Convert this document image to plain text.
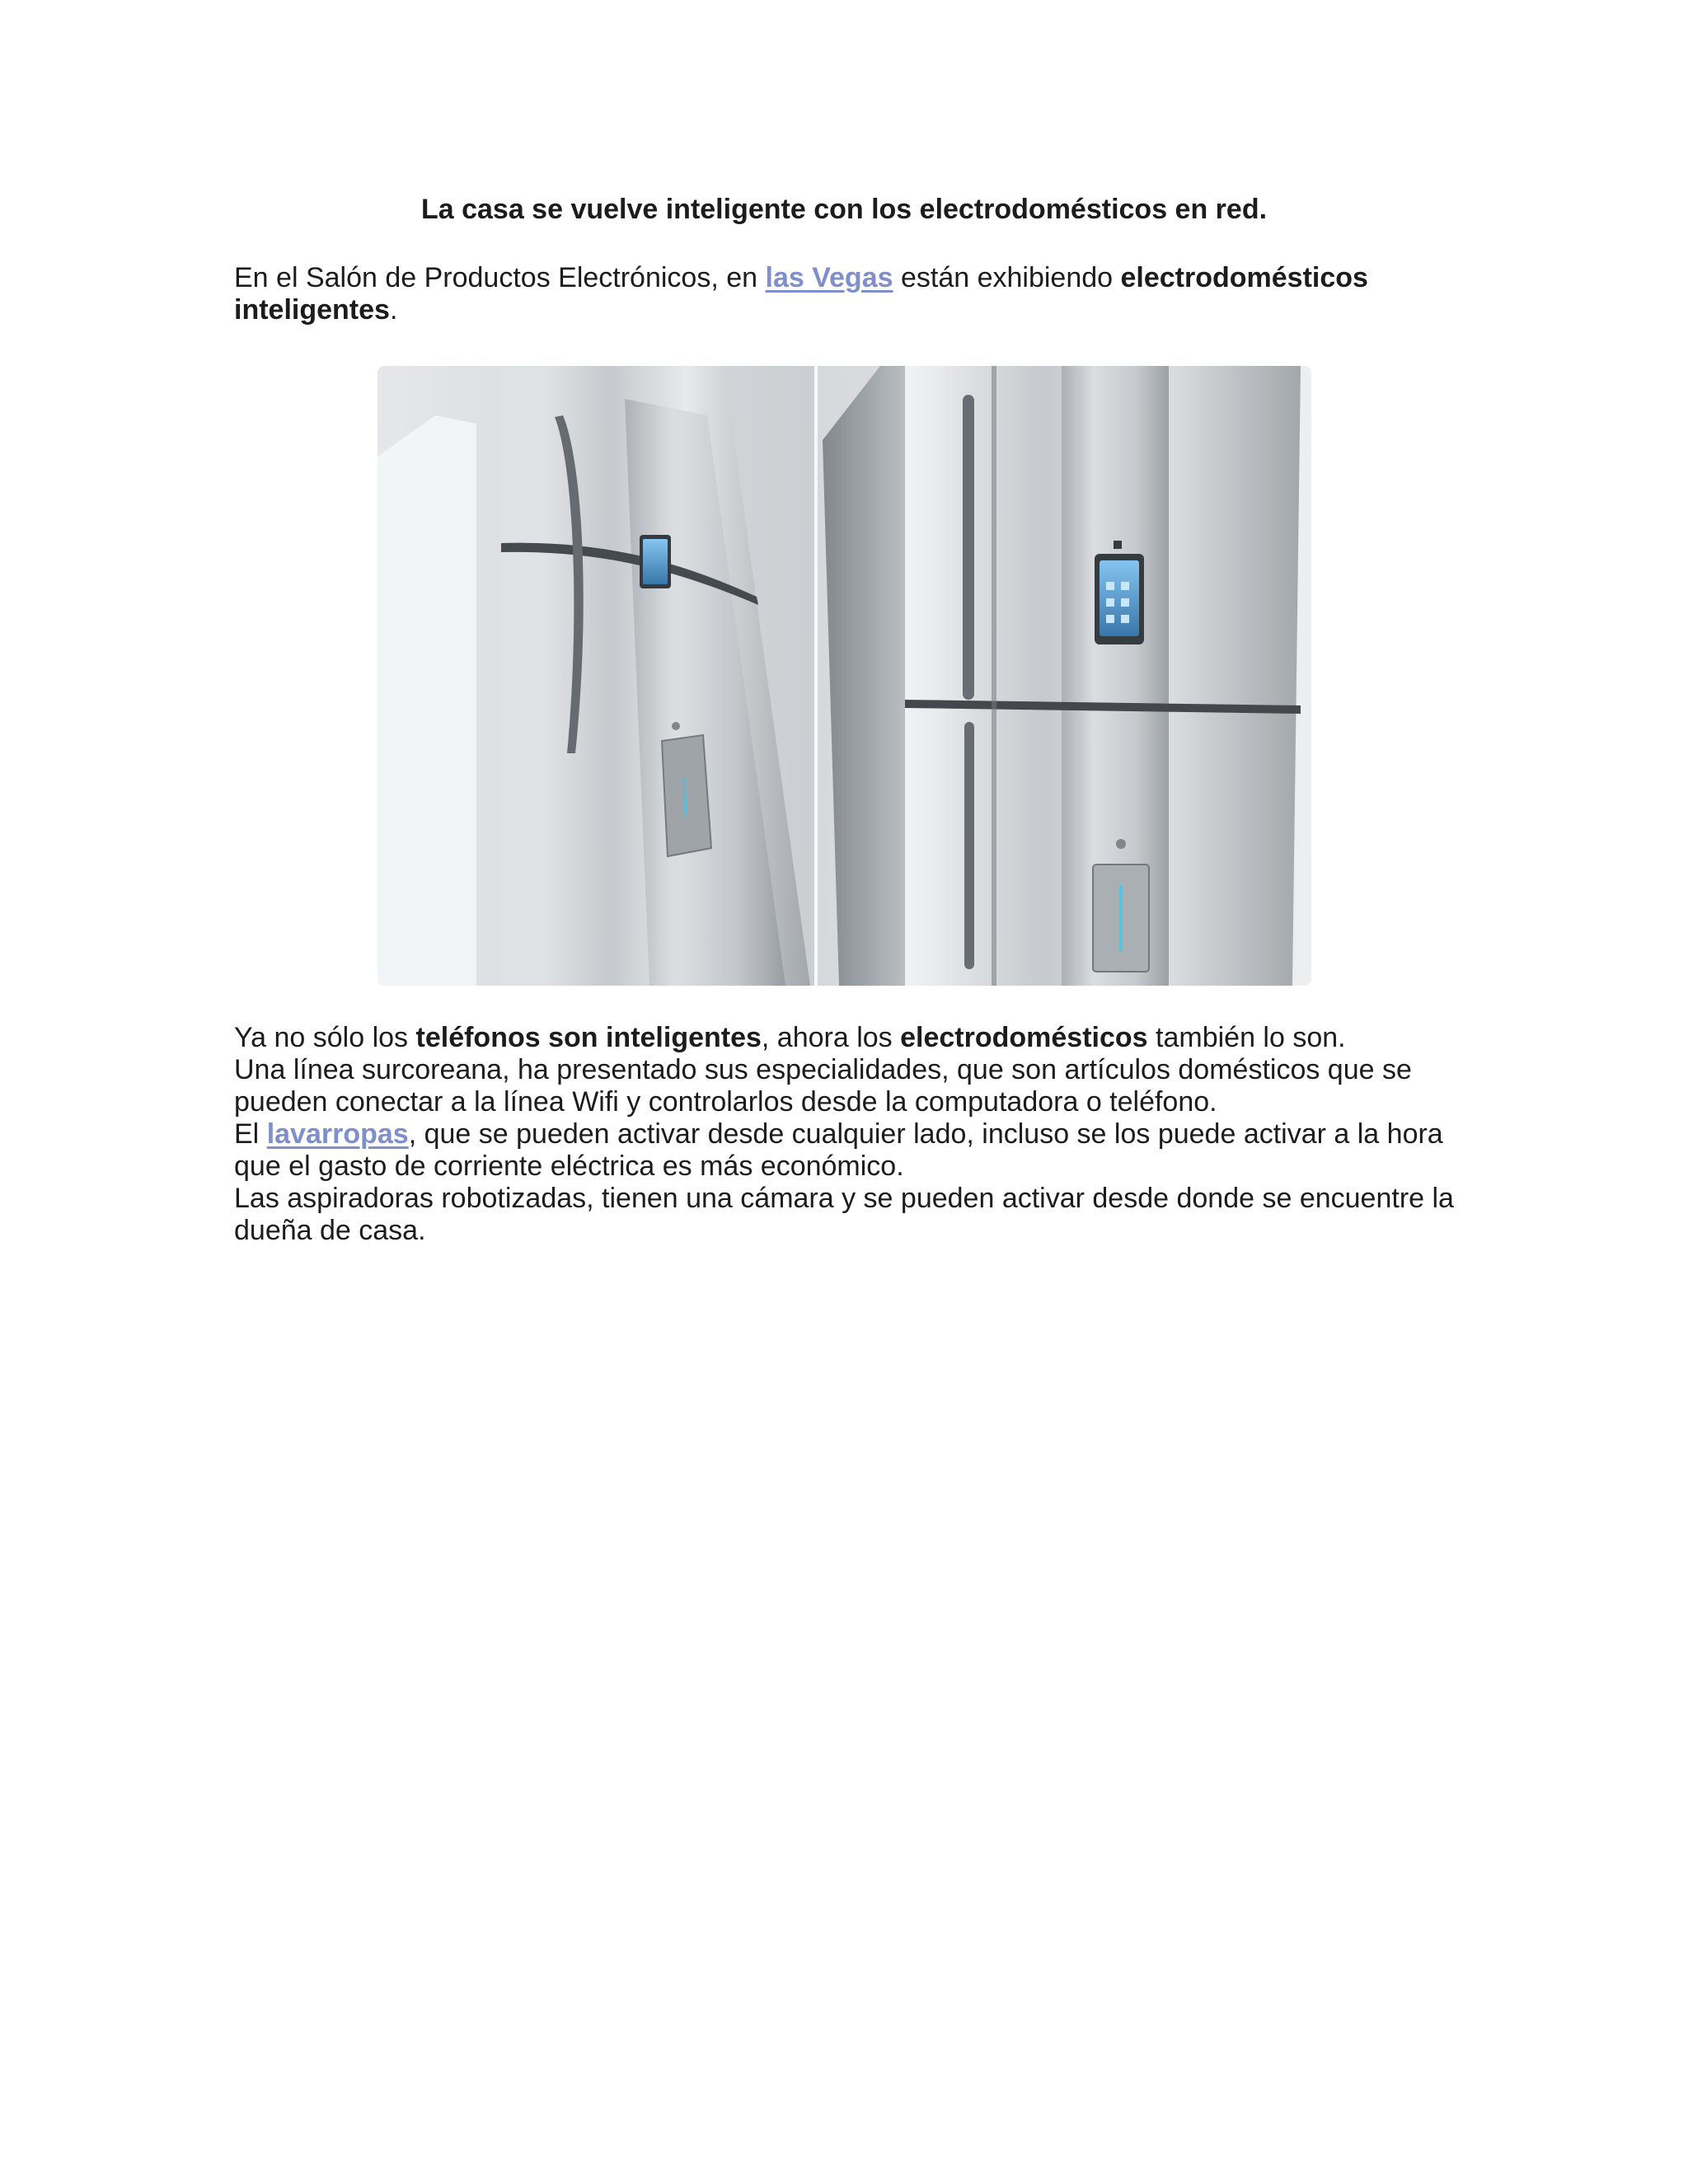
La casa se vuelve inteligente con los electrodomésticos en red.

En el Salón de Productos Electrónicos, en las Vegas están exhibiendo electrodomésticos
inteligentes.

Ya no sólo los teléfonos son inteligentes, ahora los electrodomésticos también lo son.
Una línea surcoreana, ha presentado sus especialidades, que son artículos domésticos que se
pueden conectar a la línea Wifi y controlarlos desde la computadora o teléfono.
El lavarropas, que se pueden activar desde cualquier lado, incluso se los puede activar a la hora
que el gasto de corriente eléctrica es más económico.
Las aspiradoras robotizadas, tienen una cámara y se pueden activar desde donde se encuentre la
dueña de casa.
